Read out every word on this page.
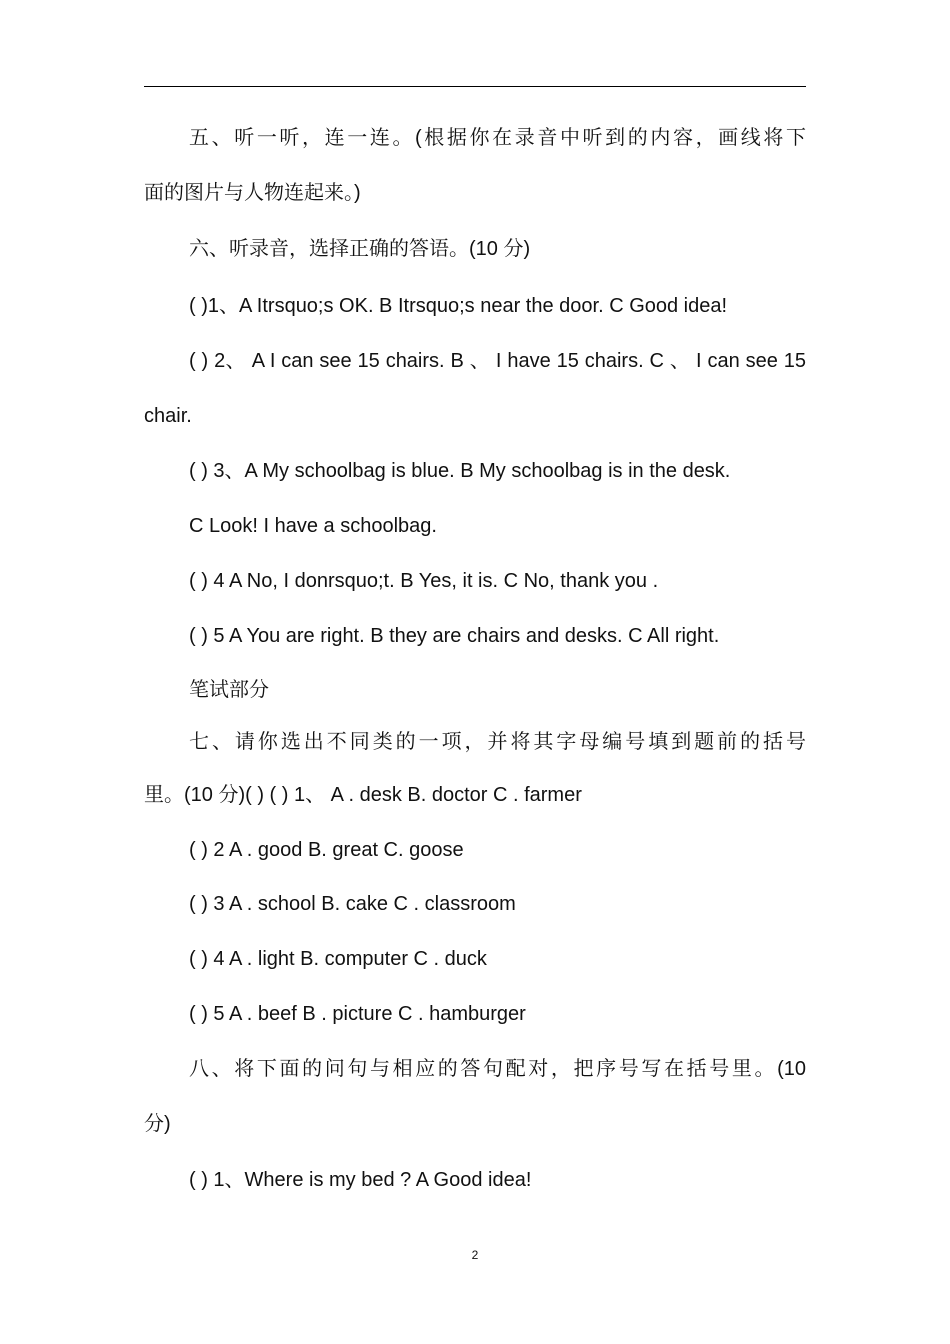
五、听一听，连一连。(根据你在录音中听到的内容，画线将下
面的图片与人物连起来。)
六、听录音，选择正确的答语。(10 分)
( )1、A Itrsquo;s OK. B Itrsquo;s near the door. C Good idea!
( ) 2、 A I can see 15 chairs. B 、 I have 15 chairs. C 、 I can see 15
chair.
( ) 3、A My schoolbag is blue. B My schoolbag is in the desk.
C Look! I have a schoolbag.
( ) 4 A No, I donrsquo;t. B Yes, it is. C No, thank you .
( ) 5 A You are right. B they are chairs and desks. C All right.
笔试部分
七、请你选出不同类的一项，并将其字母编号填到题前的括号
里。(10 分)( ) ( ) 1、 A . desk B. doctor C . farmer
( ) 2 A . good B. great C. goose
( ) 3 A . school B. cake C . classroom
( ) 4 A . light B. computer C . duck
( ) 5 A . beef B . picture C . hamburger
八、将下面的问句与相应的答句配对，把序号写在括号里。(10
分)
( ) 1、Where is my bed ? A Good idea!
2
